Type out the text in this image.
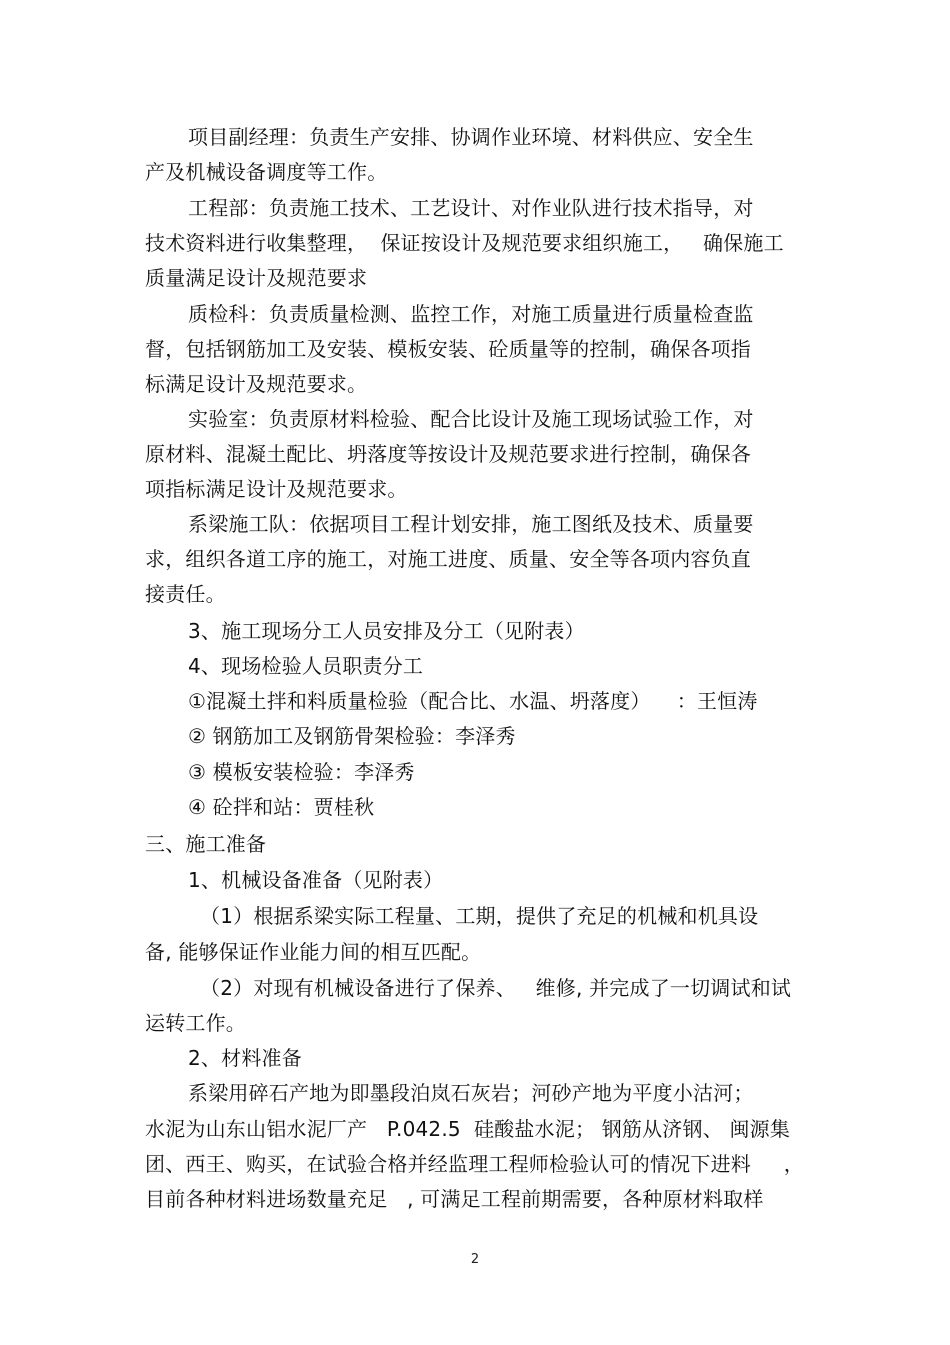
项目副经理：负责生产安排、协调作业环境、材料供应、安全生
产及机械设备调度等工作。
工程部：负责施工技术、工艺设计、对作业队进行技术指导，对
技术资料进行收集整理，  保证按设计及规范要求组织施工，   确保施工
质量满足设计及规范要求
质检科：负责质量检测、监控工作，对施工质量进行质量检查监
督，包括钢筋加工及安装、模板安装、砼质量等的控制，确保各项指
标满足设计及规范要求。
实验室：负责原材料检验、配合比设计及施工现场试验工作，对
原材料、混凝土配比、坍落度等按设计及规范要求进行控制，确保各
项指标满足设计及规范要求。
系梁施工队：依据项目工程计划安排，施工图纸及技术、质量要
求，组织各道工序的施工，对施工进度、质量、安全等各项内容负直
接责任。
3、施工现场分工人员安排及分工（见附表）
4、现场检验人员职责分工
①混凝土拌和料质量检验（配合比、水温、坍落度）    ：王恒涛
② 钢筋加工及钢筋骨架检验：李泽秀
③ 模板安装检验：李泽秀
④ 砼拌和站：贾桂秋
三、施工准备
1、机械设备准备（见附表）
（1）根据系梁实际工程量、工期，提供了充足的机械和机具设
备, 能够保证作业能力间的相互匹配。
（2）对现有机械设备进行了保养、   维修, 并完成了一切调试和试
运转工作。
2、材料准备
系梁用碎石产地为即墨段泊岚石灰岩；河砂产地为平度小沽河；
水泥为山东山铝水泥厂产   P.042.5  硅酸盐水泥； 钢筋从济钢、 闽源集
团、西王、购买，在试验合格并经监理工程师检验认可的情况下进料     ，
目前各种材料进场数量充足   , 可满足工程前期需要，各种原材料取样
2
